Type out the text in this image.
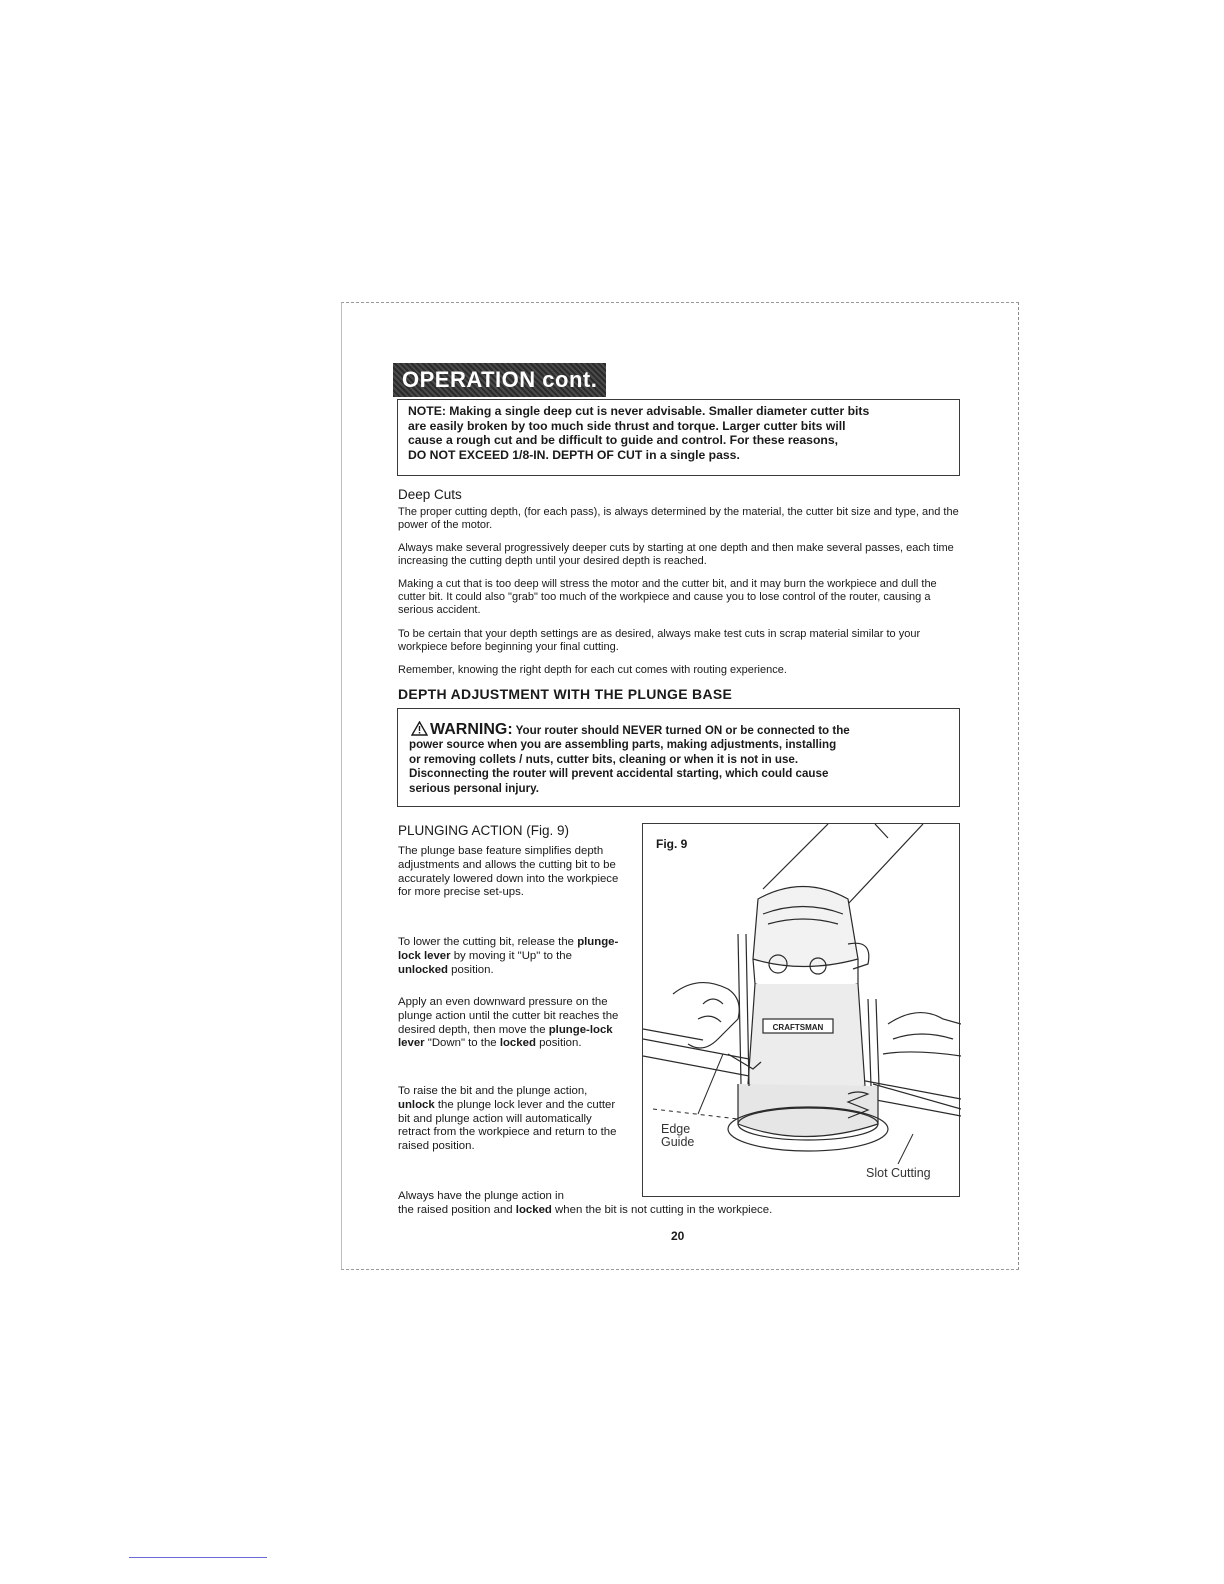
OPERATION cont.
NOTE: Making a single deep cut is never advisable. Smaller diameter cutter bits
are easily broken by too much side thrust and torque. Larger cutter bits will
cause a rough cut and be difficult to guide and control. For these reasons,
DO NOT EXCEED 1/8-IN. DEPTH OF CUT in a single pass.
Deep Cuts

The proper cutting depth, (for each pass), is always determined by the material, the cutter bit size and type, and the power of the motor.

Always make several progressively deeper cuts by starting at one depth and then make several passes, each time increasing the cutting depth until your desired depth is reached.

Making a cut that is too deep will stress the motor and the cutter bit, and it may burn the workpiece and dull the cutter bit. It could also "grab" too much of the workpiece and cause you to lose control of the router, causing a serious accident.

To be certain that your depth settings are as desired, always make test cuts in scrap material similar to your workpiece before beginning your final cutting.

Remember, knowing the right depth for each cut comes with routing experience.

DEPTH ADJUSTMENT WITH THE PLUNGE BASE
WARNING: Your router should NEVER turned ON or be connected to the
power source when you are assembling parts, making adjustments, installing
or removing collets / nuts, cutter bits, cleaning or when it is not in use.
Disconnecting the router will prevent accidental starting, which could cause
serious personal injury.
PLUNGING ACTION (Fig. 9)

The plunge base feature simplifies depth adjustments and allows the cutting bit to be accurately lowered down into the workpiece for more precise set-ups.

To lower the cutting bit, release the plunge-lock lever by moving it "Up" to the unlocked position.

Apply an even downward pressure on the plunge action until the cutter bit reaches the desired depth, then move the plunge-lock lever "Down" to the locked position.

To raise the bit and the plunge action, unlock the plunge lock lever and the cutter bit and plunge action will automatically retract from the workpiece and return to the raised position.

Always have the plunge action in

the raised position and locked when the bit is not cutting in the workpiece.
CRAFTSMAN
Fig. 9
Edge
Guide
Slot Cutting
20
